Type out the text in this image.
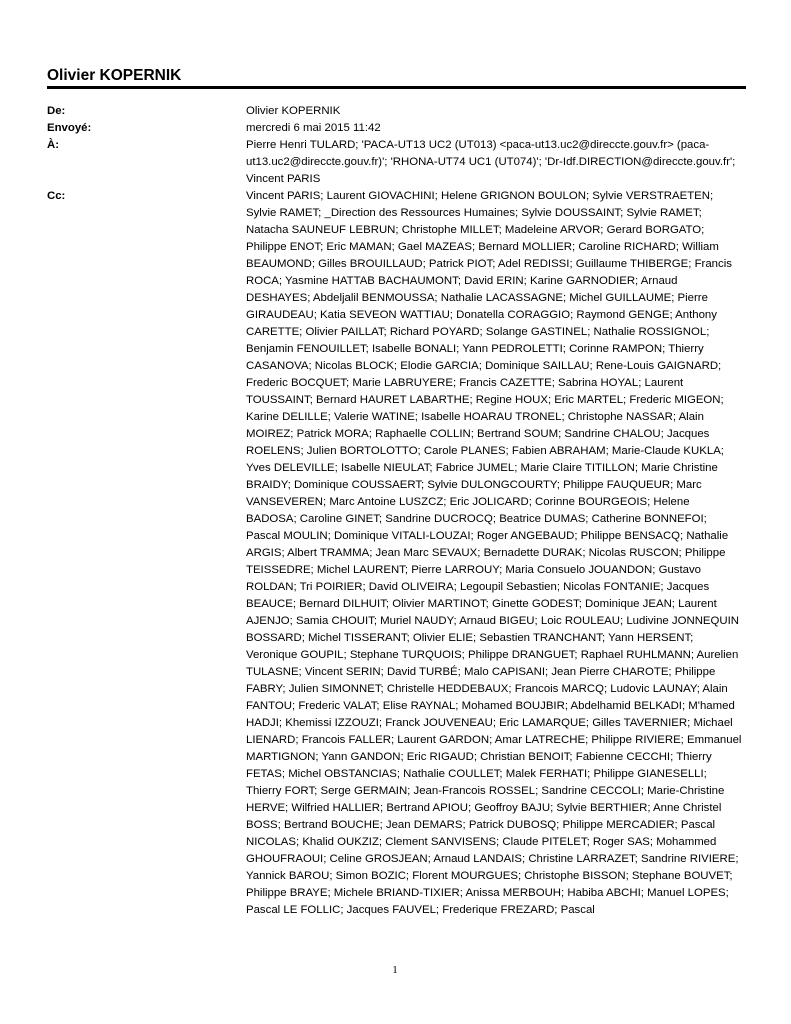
Olivier KOPERNIK
De:	Olivier KOPERNIK
Envoyé:	mercredi 6 mai 2015 11:42
À:	Pierre Henri TULARD; 'PACA-UT13 UC2 (UT013) <paca-ut13.uc2@direccte.gouv.fr> (paca-ut13.uc2@direccte.gouv.fr)'; 'RHONA-UT74 UC1 (UT074)'; 'Dr-Idf.DIRECTION@direccte.gouv.fr'; Vincent PARIS
Cc:	Vincent PARIS; Laurent GIOVACHINI; Helene GRIGNON BOULON; Sylvie VERSTRAETEN; Sylvie RAMET; _Direction des Ressources Humaines; Sylvie DOUSSAINT; Sylvie RAMET; Natacha SAUNEUF LEBRUN; Christophe MILLET; Madeleine ARVOR; Gerard BORGATO; Philippe ENOT; Eric MAMAN; Gael MAZEAS; Bernard MOLLIER; Caroline RICHARD; William BEAUMOND; Gilles BROUILLAUD; Patrick PIOT; Adel REDISSI; Guillaume THIBERGE; Francis ROCA; Yasmine HATTAB BACHAUMONT; David ERIN; Karine GARNODIER; Arnaud DESHAYES; Abdeljalil BENMOUSSA; Nathalie LACASSAGNE; Michel GUILLAUME; Pierre GIRAUDEAU; Katia SEVEON WATTIAU; Donatella CORAGGIO; Raymond GENGE; Anthony CARETTE; Olivier PAILLAT; Richard POYARD; Solange GASTINEL; Nathalie ROSSIGNOL; Benjamin FENOUILLET; Isabelle BONALI; Yann PEDROLETTI; Corinne RAMPON; Thierry CASANOVA; Nicolas BLOCK; Elodie GARCIA; Dominique SAILLAU; Rene-Louis GAIGNARD; Frederic BOCQUET; Marie LABRUYERE; Francis CAZETTE; Sabrina HOYAL; Laurent TOUSSAINT; Bernard HAURET LABARTHE; Regine HOUX; Eric MARTEL; Frederic MIGEON; Karine DELILLE; Valerie WATINE; Isabelle HOARAU TRONEL; Christophe NASSAR; Alain MOIREZ; Patrick MORA; Raphaelle COLLIN; Bertrand SOUM; Sandrine CHALOU; Jacques ROELENS; Julien BORTOLOTTO; Carole PLANES; Fabien ABRAHAM; Marie-Claude KUKLA; Yves DELEVILLE; Isabelle NIEULAT; Fabrice JUMEL; Marie Claire TITILLON; Marie Christine BRAIDY; Dominique COUSSAERT; Sylvie DULONGCOURTY; Philippe FAUQUEUR; Marc VANSEVEREN; Marc Antoine LUSZCZ; Eric JOLICARD; Corinne BOURGEOIS; Helene BADOSA; Caroline GINET; Sandrine DUCROCQ; Beatrice DUMAS; Catherine BONNEFOI; Pascal MOULIN; Dominique VITALI-LOUZAI; Roger ANGEBAUD; Philippe BENSACQ; Nathalie ARGIS; Albert TRAMMA; Jean Marc SEVAUX; Bernadette DURAK; Nicolas RUSCON; Philippe TEISSEDRE; Michel LAURENT; Pierre LARROUY; Maria Consuelo JOUANDON; Gustavo ROLDAN; Tri POIRIER; David OLIVEIRA; Legoupil Sebastien; Nicolas FONTANIE; Jacques BEAUCE; Bernard DILHUIT; Olivier MARTINOT; Ginette GODEST; Dominique JEAN; Laurent AJENJO; Samia CHOUIT; Muriel NAUDY; Arnaud BIGEU; Loic ROULEAU; Ludivine JONNEQUIN BOSSARD; Michel TISSERANT; Olivier ELIE; Sebastien TRANCHANT; Yann HERSENT; Veronique GOUPIL; Stephane TURQUOIS; Philippe DRANGUET; Raphael RUHLMANN; Aurelien TULASNE; Vincent SERIN; David TURBÉ; Malo CAPISANI; Jean Pierre CHAROTE; Philippe FABRY; Julien SIMONNET; Christelle HEDDEBAUX; Francois MARCQ; Ludovic LAUNAY; Alain FANTOU; Frederic VALAT; Elise RAYNAL; Mohamed BOUJBIR; Abdelhamid BELKADI; M'hamed HADJI; Khemissi IZZOUZI; Franck JOUVENEAU; Eric LAMARQUE; Gilles TAVERNIER; Michael LIENARD; Francois FALLER; Laurent GARDON; Amar LATRECHE; Philippe RIVIERE; Emmanuel MARTIGNON; Yann GANDON; Eric RIGAUD; Christian BENOIT; Fabienne CECCHI; Thierry FETAS; Michel OBSTANCIAS; Nathalie COULLET; Malek FERHATI; Philippe GIANESELLI; Thierry FORT; Serge GERMAIN; Jean-Francois ROSSEL; Sandrine CECCOLI; Marie-Christine HERVE; Wilfried HALLIER; Bertrand APIOU; Geoffroy BAJU; Sylvie BERTHIER; Anne Christel BOSS; Bertrand BOUCHE; Jean DEMARS; Patrick DUBOSQ; Philippe MERCADIER; Pascal NICOLAS; Khalid OUKZIZ; Clement SANVISENS; Claude PITELET; Roger SAS; Mohammed GHOUFRAOUI; Celine GROSJEAN; Arnaud LANDAIS; Christine LARRAZET; Sandrine RIVIERE; Yannick BAROU; Simon BOZIC; Florent MOURGUES; Christophe BISSON; Stephane BOUVET; Philippe BRAYE; Michele BRIAND-TIXIER; Anissa MERBOUH; Habiba ABCHI; Manuel LOPES; Pascal LE FOLLIC; Jacques FAUVEL; Frederique FREZARD; Pascal
1
